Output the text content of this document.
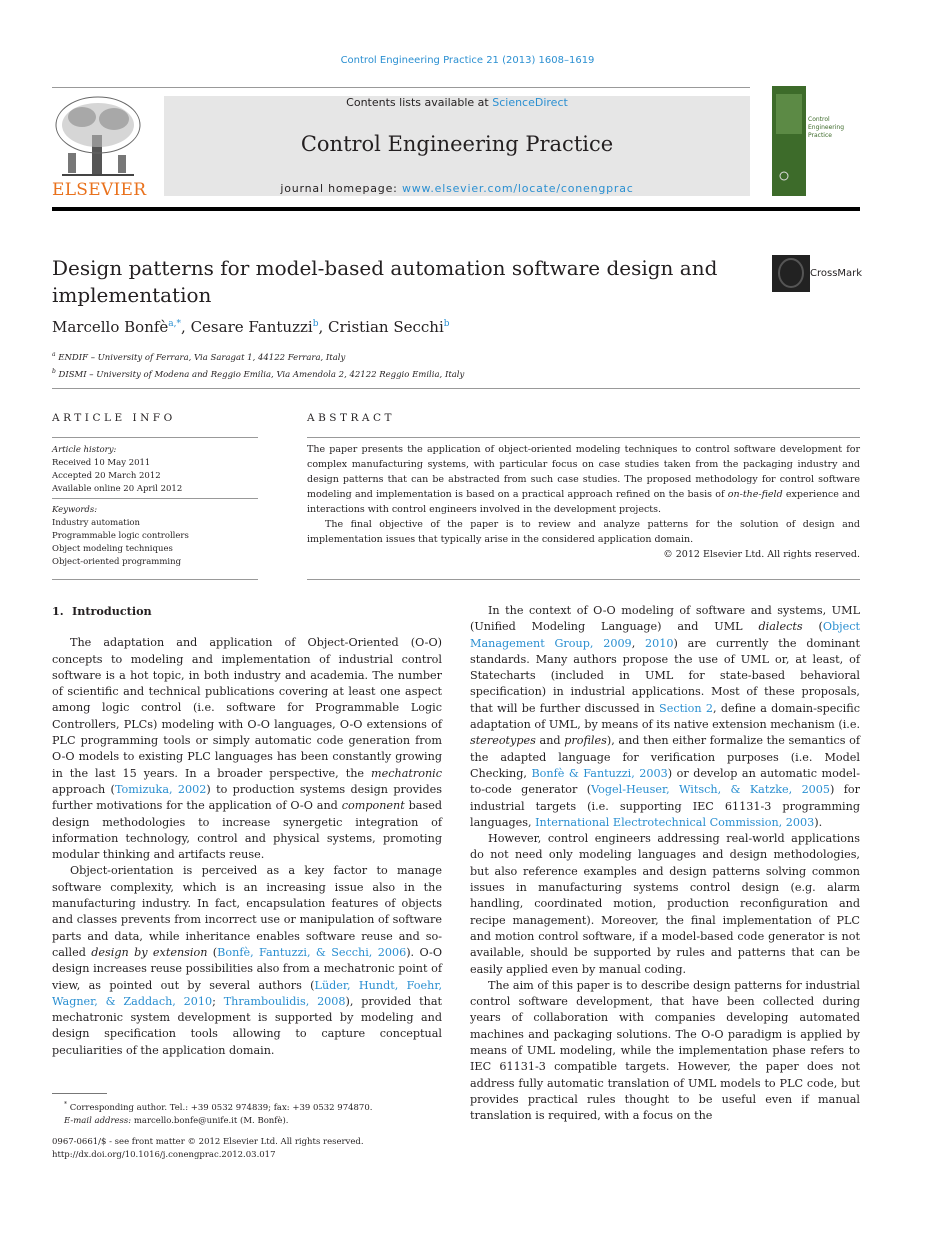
Control Engineering Practice 21 (2013) 1608–1619
ELSEVIER
Contents lists available at ScienceDirect
Control Engineering Practice
journal homepage: www.elsevier.com/locate/conengprac
Control
Engineering
Practice
Design patterns for model-based automation software design and implementation
CrossMark
Marcello Bonfè$^{a,*}$, Cesare Fantuzzi$^b$, Cristian Secchi$^b$
$^a$ ENDIF – University of Ferrara, Via Saragat 1, 44122 Ferrara, Italy
$^b$ DISMI – University of Modena and Reggio Emilia, Via Amendola 2, 42122 Reggio Emilia, Italy
ARTICLE INFO	ABSTRACT
Article history:
Received 10 May 2011
Accepted 20 March 2012
Available online 20 April 2012
Keywords:
Industry automation
Programmable logic controllers
Object modeling techniques
Object-oriented programming

The paper presents the application of object-oriented modeling techniques to control software development for complex manufacturing systems, with particular focus on case studies taken from the packaging industry and design patterns that can be abstracted from such case studies. The proposed methodology for control software modeling and implementation is based on a practical approach refined on the basis of on-the-field experience and interactions with control engineers involved in the development projects.

The final objective of the paper is to review and analyze patterns for the solution of design and implementation issues that typically arise in the considered application domain.

© 2012 Elsevier Ltd. All rights reserved.

1. Introduction

The adaptation and application of Object-Oriented (O-O) concepts to modeling and implementation of industrial control software is a hot topic, in both industry and academia. The number of scientific and technical publications covering at least one aspect among logic control (i.e. software for Programmable Logic Controllers, PLCs) modeling with O-O languages, O-O extensions of PLC programming tools or simply automatic code generation from O-O models to existing PLC languages has been constantly growing in the last 15 years. In a broader perspective, the mechatronic approach (Tomizuka, 2002) to production systems design provides further motivations for the application of O-O and component based design methodologies to increase synergetic integration of information technology, control and physical systems, promoting modular thinking and artifacts reuse.

Object-orientation is perceived as a key factor to manage software complexity, which is an increasing issue also in the manufacturing industry. In fact, encapsulation features of objects and classes prevents from incorrect use or manipulation of software parts and data, while inheritance enables software reuse and so-called design by extension (Bonfè, Fantuzzi, & Secchi, 2006). O-O design increases reuse possibilities also from a mechatronic point of view, as pointed out by several authors (Lüder, Hundt, Foehr, Wagner, & Zaddach, 2010; Thramboulidis, 2008), provided that mechatronic system development is supported by modeling and design specification tools allowing to capture conceptual peculiarities of the application domain.

In the context of O-O modeling of software and systems, UML (Unified Modeling Language) and UML dialects (Object Management Group, 2009, 2010) are currently the dominant standards. Many authors propose the use of UML or, at least, of Statecharts (included in UML for state-based behavioral specification) in industrial applications. Most of these proposals, that will be further discussed in Section 2, define a domain-specific adaptation of UML, by means of its native extension mechanism (i.e. stereotypes and profiles), and then either formalize the semantics of the adapted language for verification purposes (i.e. Model Checking, Bonfè & Fantuzzi, 2003) or develop an automatic model-to-code generator (Vogel-Heuser, Witsch, & Katzke, 2005) for industrial targets (i.e. supporting IEC 61131-3 programming languages, International Electrotechnical Commission, 2003).

However, control engineers addressing real-world applications do not need only modeling languages and design methodologies, but also reference examples and design patterns solving common issues in manufacturing systems control design (e.g. alarm handling, coordinated motion, production reconfiguration and recipe management). Moreover, the final implementation of PLC and motion control software, if a model-based code generator is not available, should be supported by rules and patterns that can be easily applied even by manual coding.

The aim of this paper is to describe design patterns for industrial control software development, that have been collected during years of collaboration with companies developing automated machines and packaging solutions. The O-O paradigm is applied by means of UML modeling, while the implementation phase refers to IEC 61131-3 compatible targets. However, the paper does not address fully automatic translation of UML models to PLC code, but provides practical rules thought to be useful even if manual translation is required, with a focus on the

* Corresponding author. Tel.: +39 0532 974839; fax: +39 0532 974870.
E-mail address: marcello.bonfe@unife.it (M. Bonfè).
0967-0661/$ - see front matter © 2012 Elsevier Ltd. All rights reserved.
http://dx.doi.org/10.1016/j.conengprac.2012.03.017
